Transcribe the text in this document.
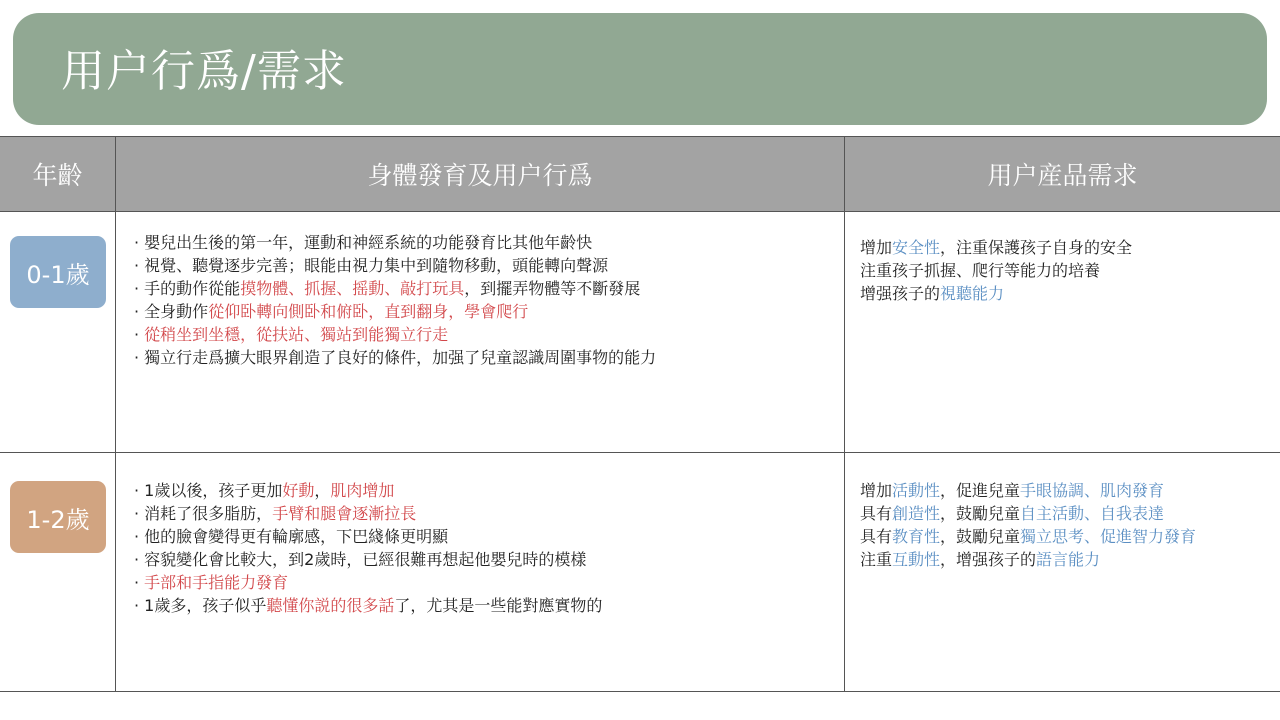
用户行爲/需求
年齡	身體發育及用户行爲	用户産品需求
0-1歲
1-2歲
· 嬰兒出生後的第一年，運動和神經系統的功能發育比其他年齡快
· 視覺、聽覺逐步完善；眼能由視力集中到隨物移動，頭能轉向聲源
· 手的動作從能摸物體、抓握、摇動、敲打玩具，到擺弄物體等不斷發展
· 全身動作從仰卧轉向側卧和俯卧，直到翻身，學會爬行
· 從稍坐到坐穩，從扶站、獨站到能獨立行走
· 獨立行走爲擴大眼界創造了良好的條件，加强了兒童認識周圍事物的能力
增加安全性，注重保護孩子自身的安全
注重孩子抓握、爬行等能力的培養
增强孩子的視聽能力
· 1歲以後，孩子更加好動，肌肉增加
· 消耗了很多脂肪，手臂和腿會逐漸拉長
· 他的臉會變得更有輪廓感，下巴綫條更明顯
· 容貌變化會比較大，到2歲時，已經很難再想起他嬰兒時的模樣
· 手部和手指能力發育
· 1歲多，孩子似乎聽懂你説的很多話了，尤其是一些能對應實物的
增加活動性，促進兒童手眼協調、肌肉發育
具有創造性，鼓勵兒童自主活動、自我表達
具有教育性，鼓勵兒童獨立思考、促進智力發育
注重互動性，增强孩子的語言能力
